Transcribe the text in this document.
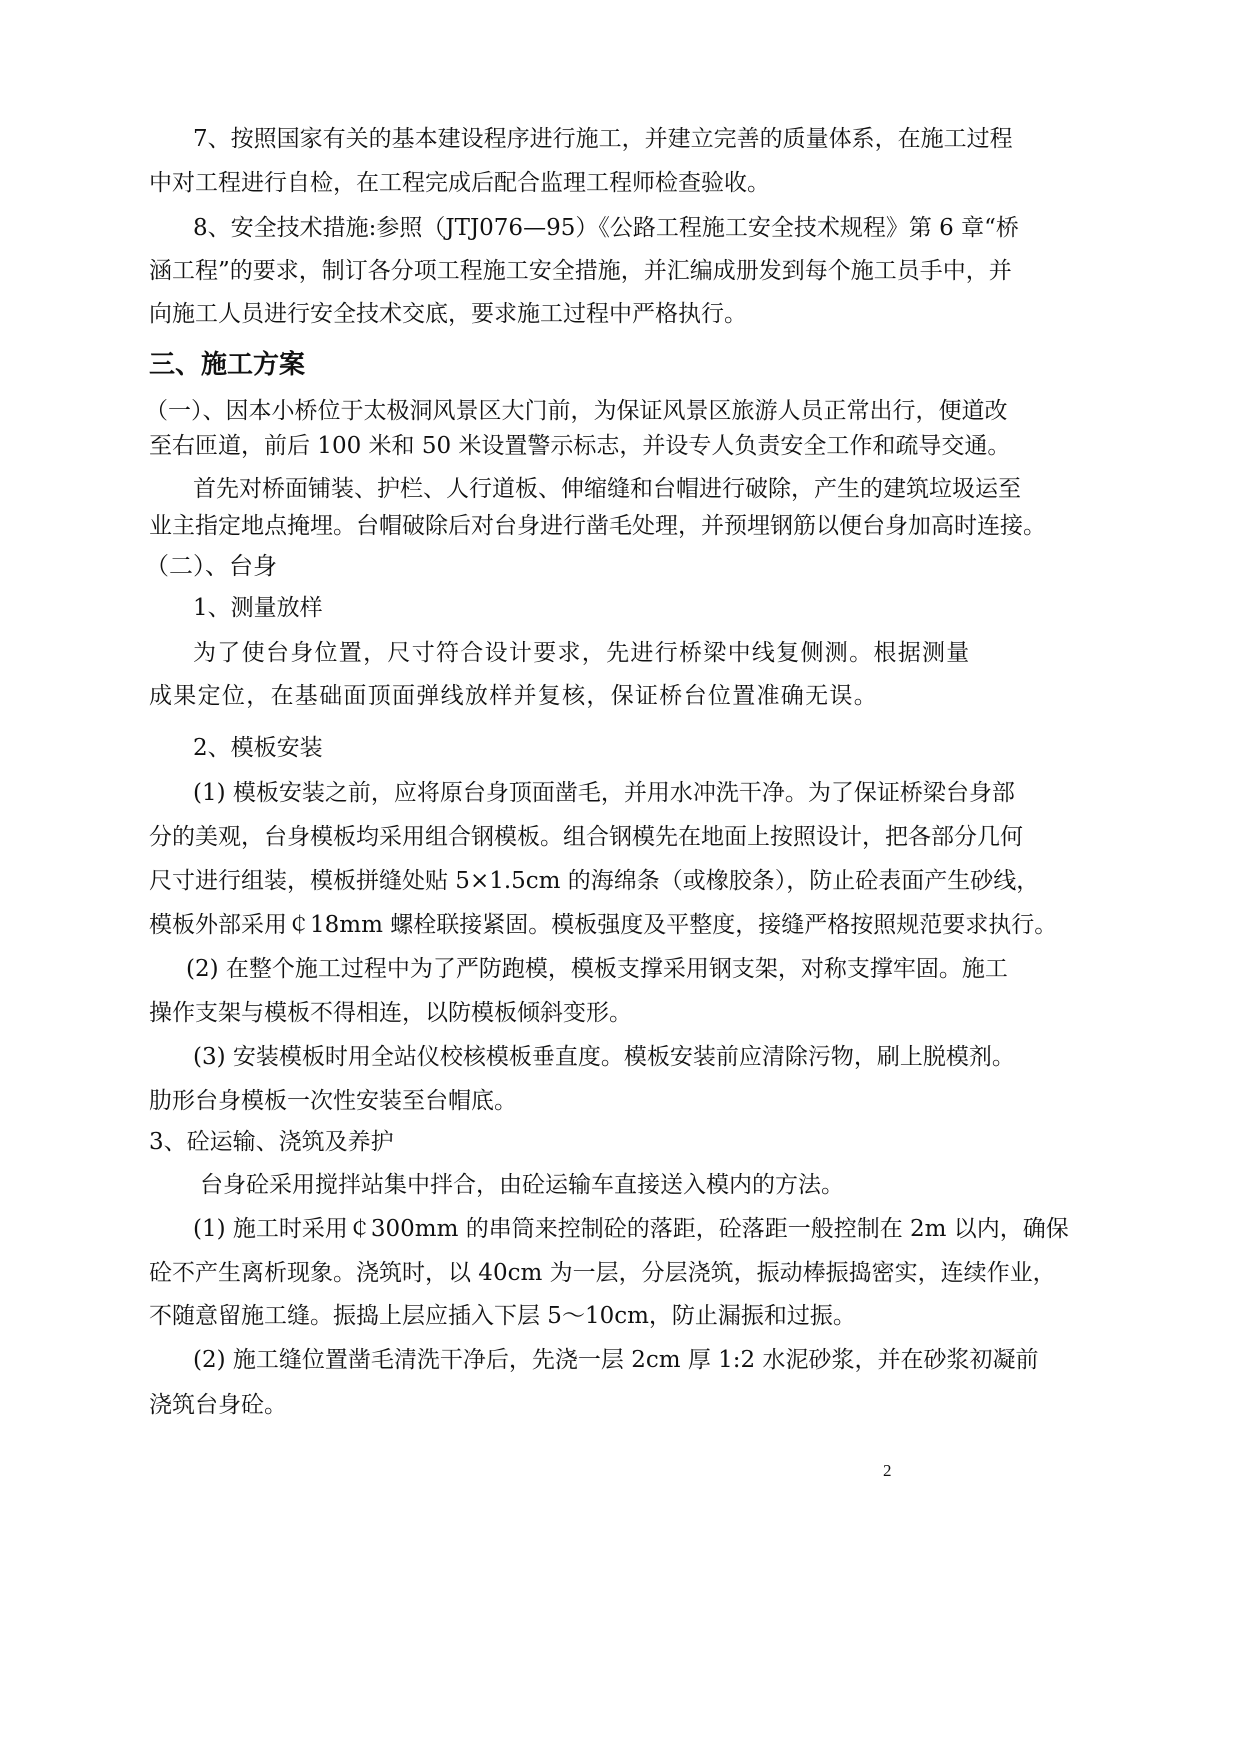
7、按照国家有关的基本建设程序进行施工，并建立完善的质量体系，在施工过程
中对工程进行自检，在工程完成后配合监理工程师检查验收。
8、安全技术措施:参照（JTJ076—95）《公路工程施工安全技术规程》第 6 章“桥
涵工程”的要求，制订各分项工程施工安全措施，并汇编成册发到每个施工员手中，并
向施工人员进行安全技术交底，要求施工过程中严格执行。
三、施工方案
（一）、因本小桥位于太极洞风景区大门前，为保证风景区旅游人员正常出行，便道改
至右匝道，前后 100 米和 50 米设置警示标志，并设专人负责安全工作和疏导交通。
首先对桥面铺装、护栏、人行道板、伸缩缝和台帽进行破除，产生的建筑垃圾运至
业主指定地点掩埋。台帽破除后对台身进行凿毛处理，并预埋钢筋以便台身加高时连接。
（二）、台身
1、测量放样
为了使台身位置，尺寸符合设计要求，先进行桥梁中线复侧测。根据测量
成果定位，在基础面顶面弹线放样并复核，保证桥台位置准确无误。
2、模板安装
(1) 模板安装之前，应将原台身顶面凿毛，并用水冲洗干净。为了保证桥梁台身部
分的美观，台身模板均采用组合钢模板。组合钢模先在地面上按照设计，把各部分几何
尺寸进行组装，模板拼缝处贴 5×1.5cm 的海绵条（或橡胶条），防止砼表面产生砂线，
模板外部采用￠18mm 螺栓联接紧固。模板强度及平整度，接缝严格按照规范要求执行。
(2) 在整个施工过程中为了严防跑模，模板支撑采用钢支架，对称支撑牢固。施工
操作支架与模板不得相连，以防模板倾斜变形。
(3) 安装模板时用全站仪校核模板垂直度。模板安装前应清除污物，刷上脱模剂。
肋形台身模板一次性安装至台帽底。
3、砼运输、浇筑及养护
台身砼采用搅拌站集中拌合，由砼运输车直接送入模内的方法。
(1) 施工时采用￠300mm 的串筒来控制砼的落距，砼落距一般控制在 2m 以内，确保
砼不产生离析现象。浇筑时，以 40cm 为一层，分层浇筑，振动棒振捣密实，连续作业，
不随意留施工缝。振捣上层应插入下层 5～10cm，防止漏振和过振。
(2) 施工缝位置凿毛清洗干净后，先浇一层 2cm 厚 1:2 水泥砂浆，并在砂浆初凝前
浇筑台身砼。
2
